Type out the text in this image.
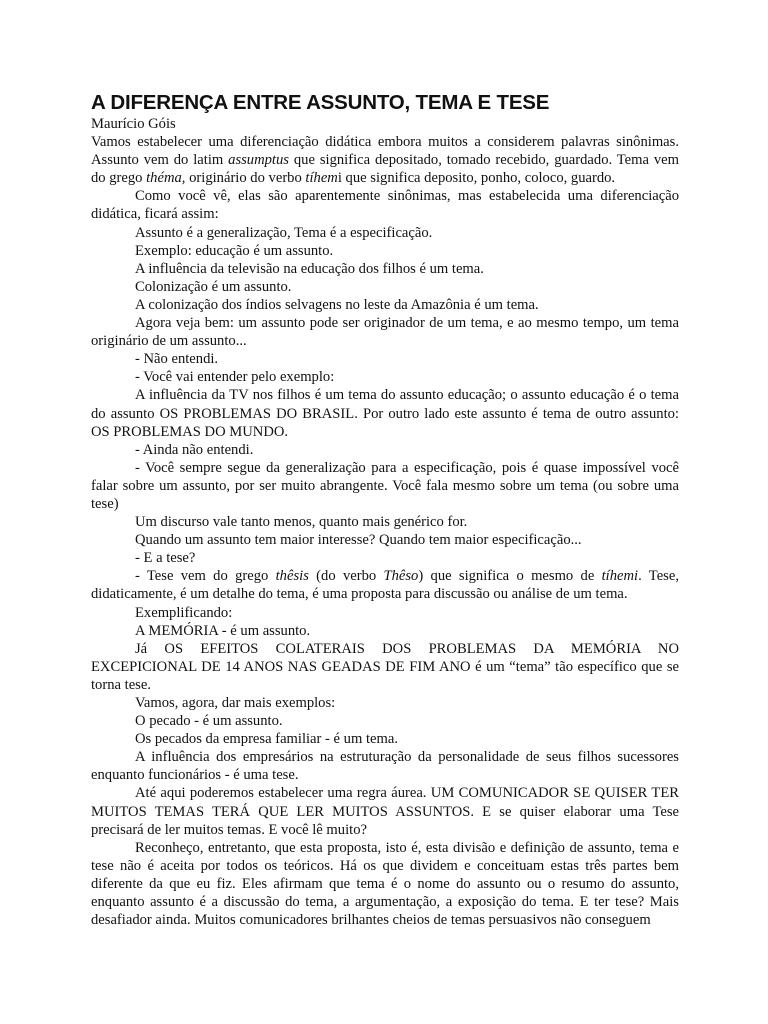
A DIFERENÇA ENTRE ASSUNTO, TEMA E TESE

Maurício Góis

Vamos estabelecer uma diferenciação didática embora muitos a considerem palavras sinônimas. Assunto vem do latim assumptus que significa depositado, tomado recebido, guardado. Tema vem do grego théma, originário do verbo tíhemi que significa deposito, ponho, coloco, guardo.

Como você vê, elas são aparentemente sinônimas, mas estabelecida uma diferenciação didática, ficará assim:

Assunto é a generalização, Tema é a especificação.

Exemplo: educação é um assunto.

A influência da televisão na educação dos filhos é um tema.

Colonização é um assunto.

A colonização dos índios selvagens no leste da Amazônia é um tema.

Agora veja bem: um assunto pode ser originador de um tema, e ao mesmo tempo, um tema originário de um assunto...

- Não entendi.

- Você vai entender pelo exemplo:

A influência da TV nos filhos é um tema do assunto educação; o assunto educação é o tema do assunto OS PROBLEMAS DO BRASIL. Por outro lado este assunto é tema de outro assunto: OS PROBLEMAS DO MUNDO.

- Ainda não entendi.

- Você sempre segue da generalização para a especificação, pois é quase impossível você falar sobre um assunto, por ser muito abrangente. Você fala mesmo sobre um tema (ou sobre uma tese)

Um discurso vale tanto menos, quanto mais genérico for.

Quando um assunto tem maior interesse? Quando tem maior especificação...

- E a tese?

- Tese vem do grego thêsis (do verbo Thêso) que significa o mesmo de tíhemi. Tese, didaticamente, é um detalhe do tema, é uma proposta para discussão ou análise de um tema.

Exemplificando:

A MEMÓRIA - é um assunto.

Já OS EFEITOS COLATERAIS DOS PROBLEMAS DA MEMÓRIA NO EXCEPICIONAL DE 14 ANOS NAS GEADAS DE FIM ANO é um “tema” tão específico que se torna tese.

Vamos, agora, dar mais exemplos:

O pecado - é um assunto.

Os pecados da empresa familiar - é um tema.

A influência dos empresários na estruturação da personalidade de seus filhos sucessores enquanto funcionários - é uma tese.

Até aqui poderemos estabelecer uma regra áurea. UM COMUNICADOR SE QUISER TER MUITOS TEMAS TERÁ QUE LER MUITOS ASSUNTOS. E se quiser elaborar uma Tese precisará de ler muitos temas. E você lê muito?

Reconheço, entretanto, que esta proposta, isto é, esta divisão e definição de assunto, tema e tese não é aceita por todos os teóricos. Há os que dividem e conceituam estas três partes bem diferente da que eu fiz. Eles afirmam que tema é o nome do assunto ou o resumo do assunto, enquanto assunto é a discussão do tema, a argumentação, a exposição do tema. E ter tese? Mais desafiador ainda. Muitos comunicadores brilhantes cheios de temas persuasivos não conseguem
